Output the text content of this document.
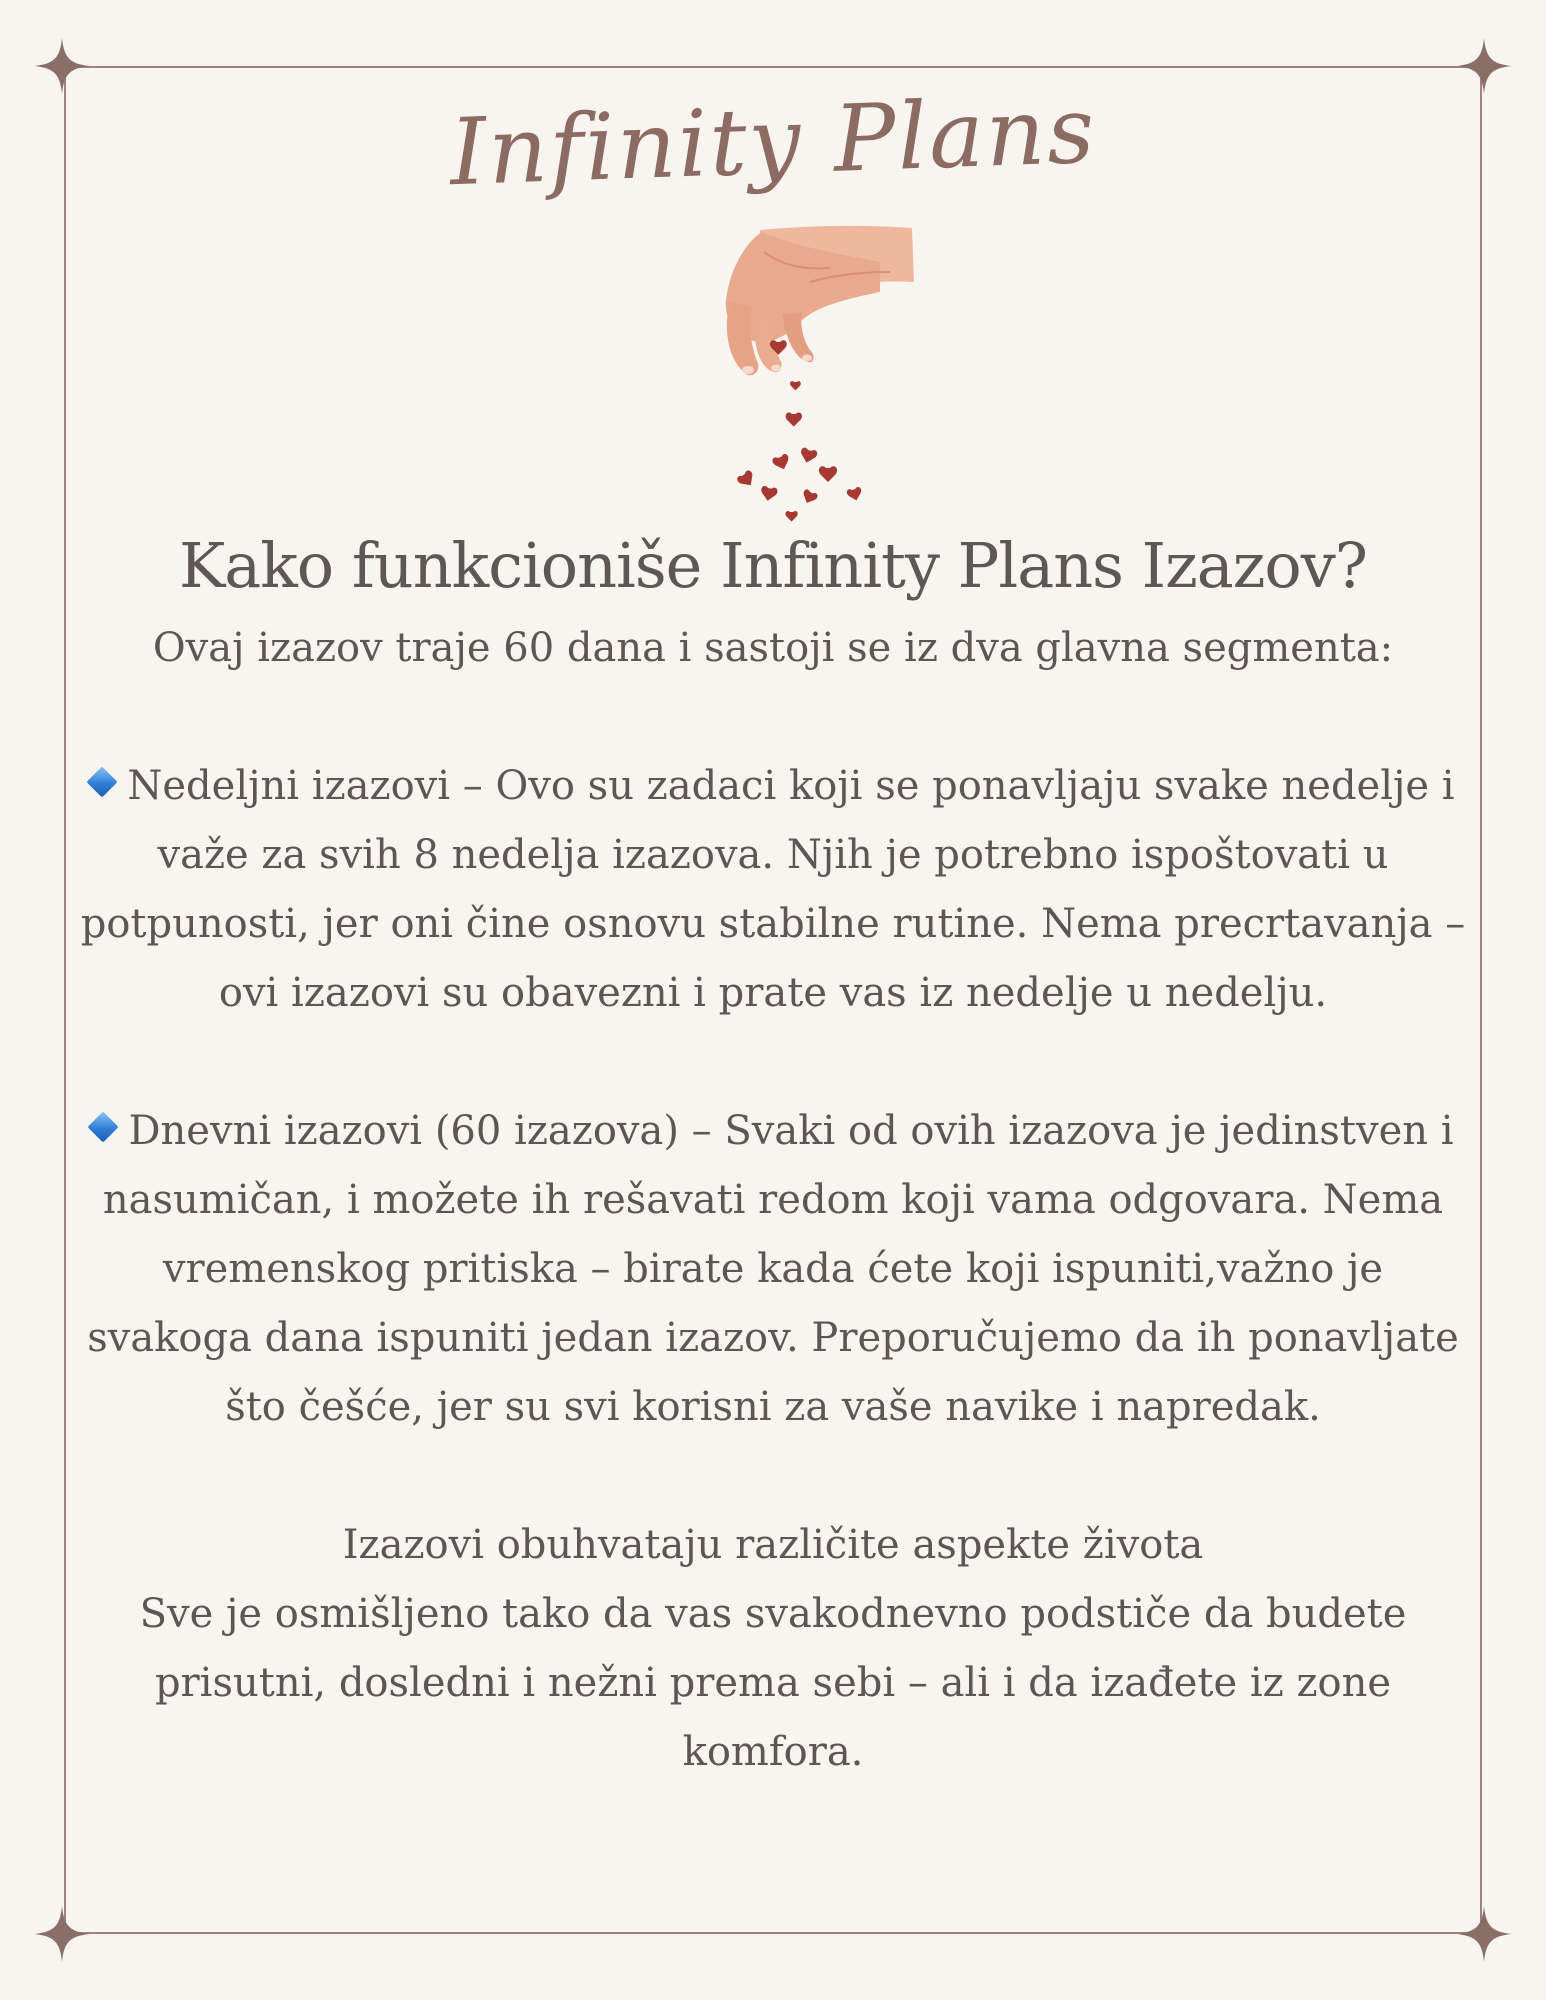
Infinity Plans
Kako funkcioniše Infinity Plans Izazov?

Ovaj izazov traje 60 dana i sastoji se iz dva glavna segmenta:

Nedeljni izazovi – Ovo su zadaci koji se ponavljaju svake nedelje i važe za svih 8 nedelja izazova. Njih je potrebno ispoštovati u potpunosti, jer oni čine osnovu stabilne rutine. Nema precrtavanja – ovi izazovi su obavezni i prate vas iz nedelje u nedelju.

Dnevni izazovi (60 izazova) – Svaki od ovih izazova je jedinstven i nasumičan, i možete ih rešavati redom koji vama odgovara. Nema vremenskog pritiska – birate kada ćete koji ispuniti,važno je svakoga dana ispuniti jedan izazov. Preporučujemo da ih ponavljate što češće, jer su svi korisni za vaše navike i napredak.

Izazovi obuhvataju različite aspekte života

Sve je osmišljeno tako da vas svakodnevno podstiče da budete prisutni, dosledni i nežni prema sebi – ali i da izađete iz zone komfora.
